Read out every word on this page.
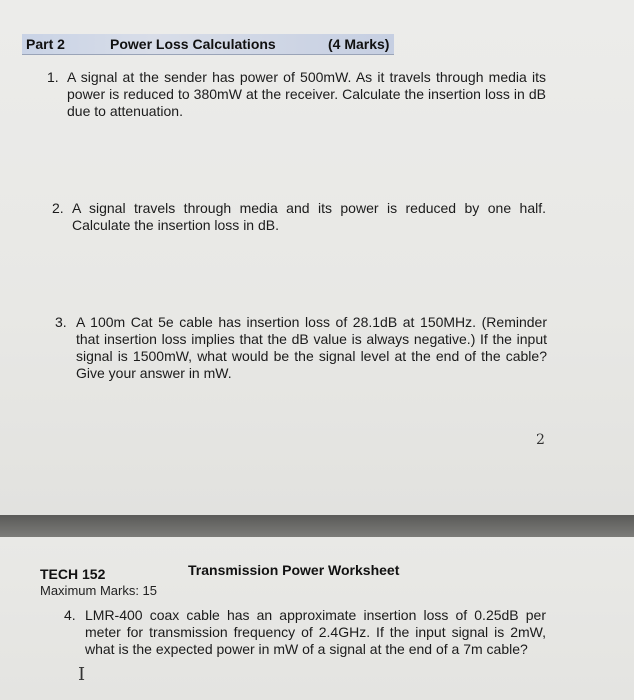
Part 2	Power Loss Calculations	(4 Marks)
1. A signal at the sender has power of 500mW. As it travels through media its power is reduced to 380mW at the receiver. Calculate the insertion loss in dB due to attenuation.
2. A signal travels through media and its power is reduced by one half. Calculate the insertion loss in dB.
3. A 100m Cat 5e cable has insertion loss of 28.1dB at 150MHz. (Reminder that insertion loss implies that the dB value is always negative.) If the input signal is 1500mW, what would be the signal level at the end of the cable? Give your answer in mW.
2
TECH 152
Maximum Marks: 15
Transmission Power Worksheet
4. LMR-400 coax cable has an approximate insertion loss of 0.25dB per meter for transmission frequency of 2.4GHz. If the input signal is 2mW, what is the expected power in mW of a signal at the end of a 7m cable?
I
